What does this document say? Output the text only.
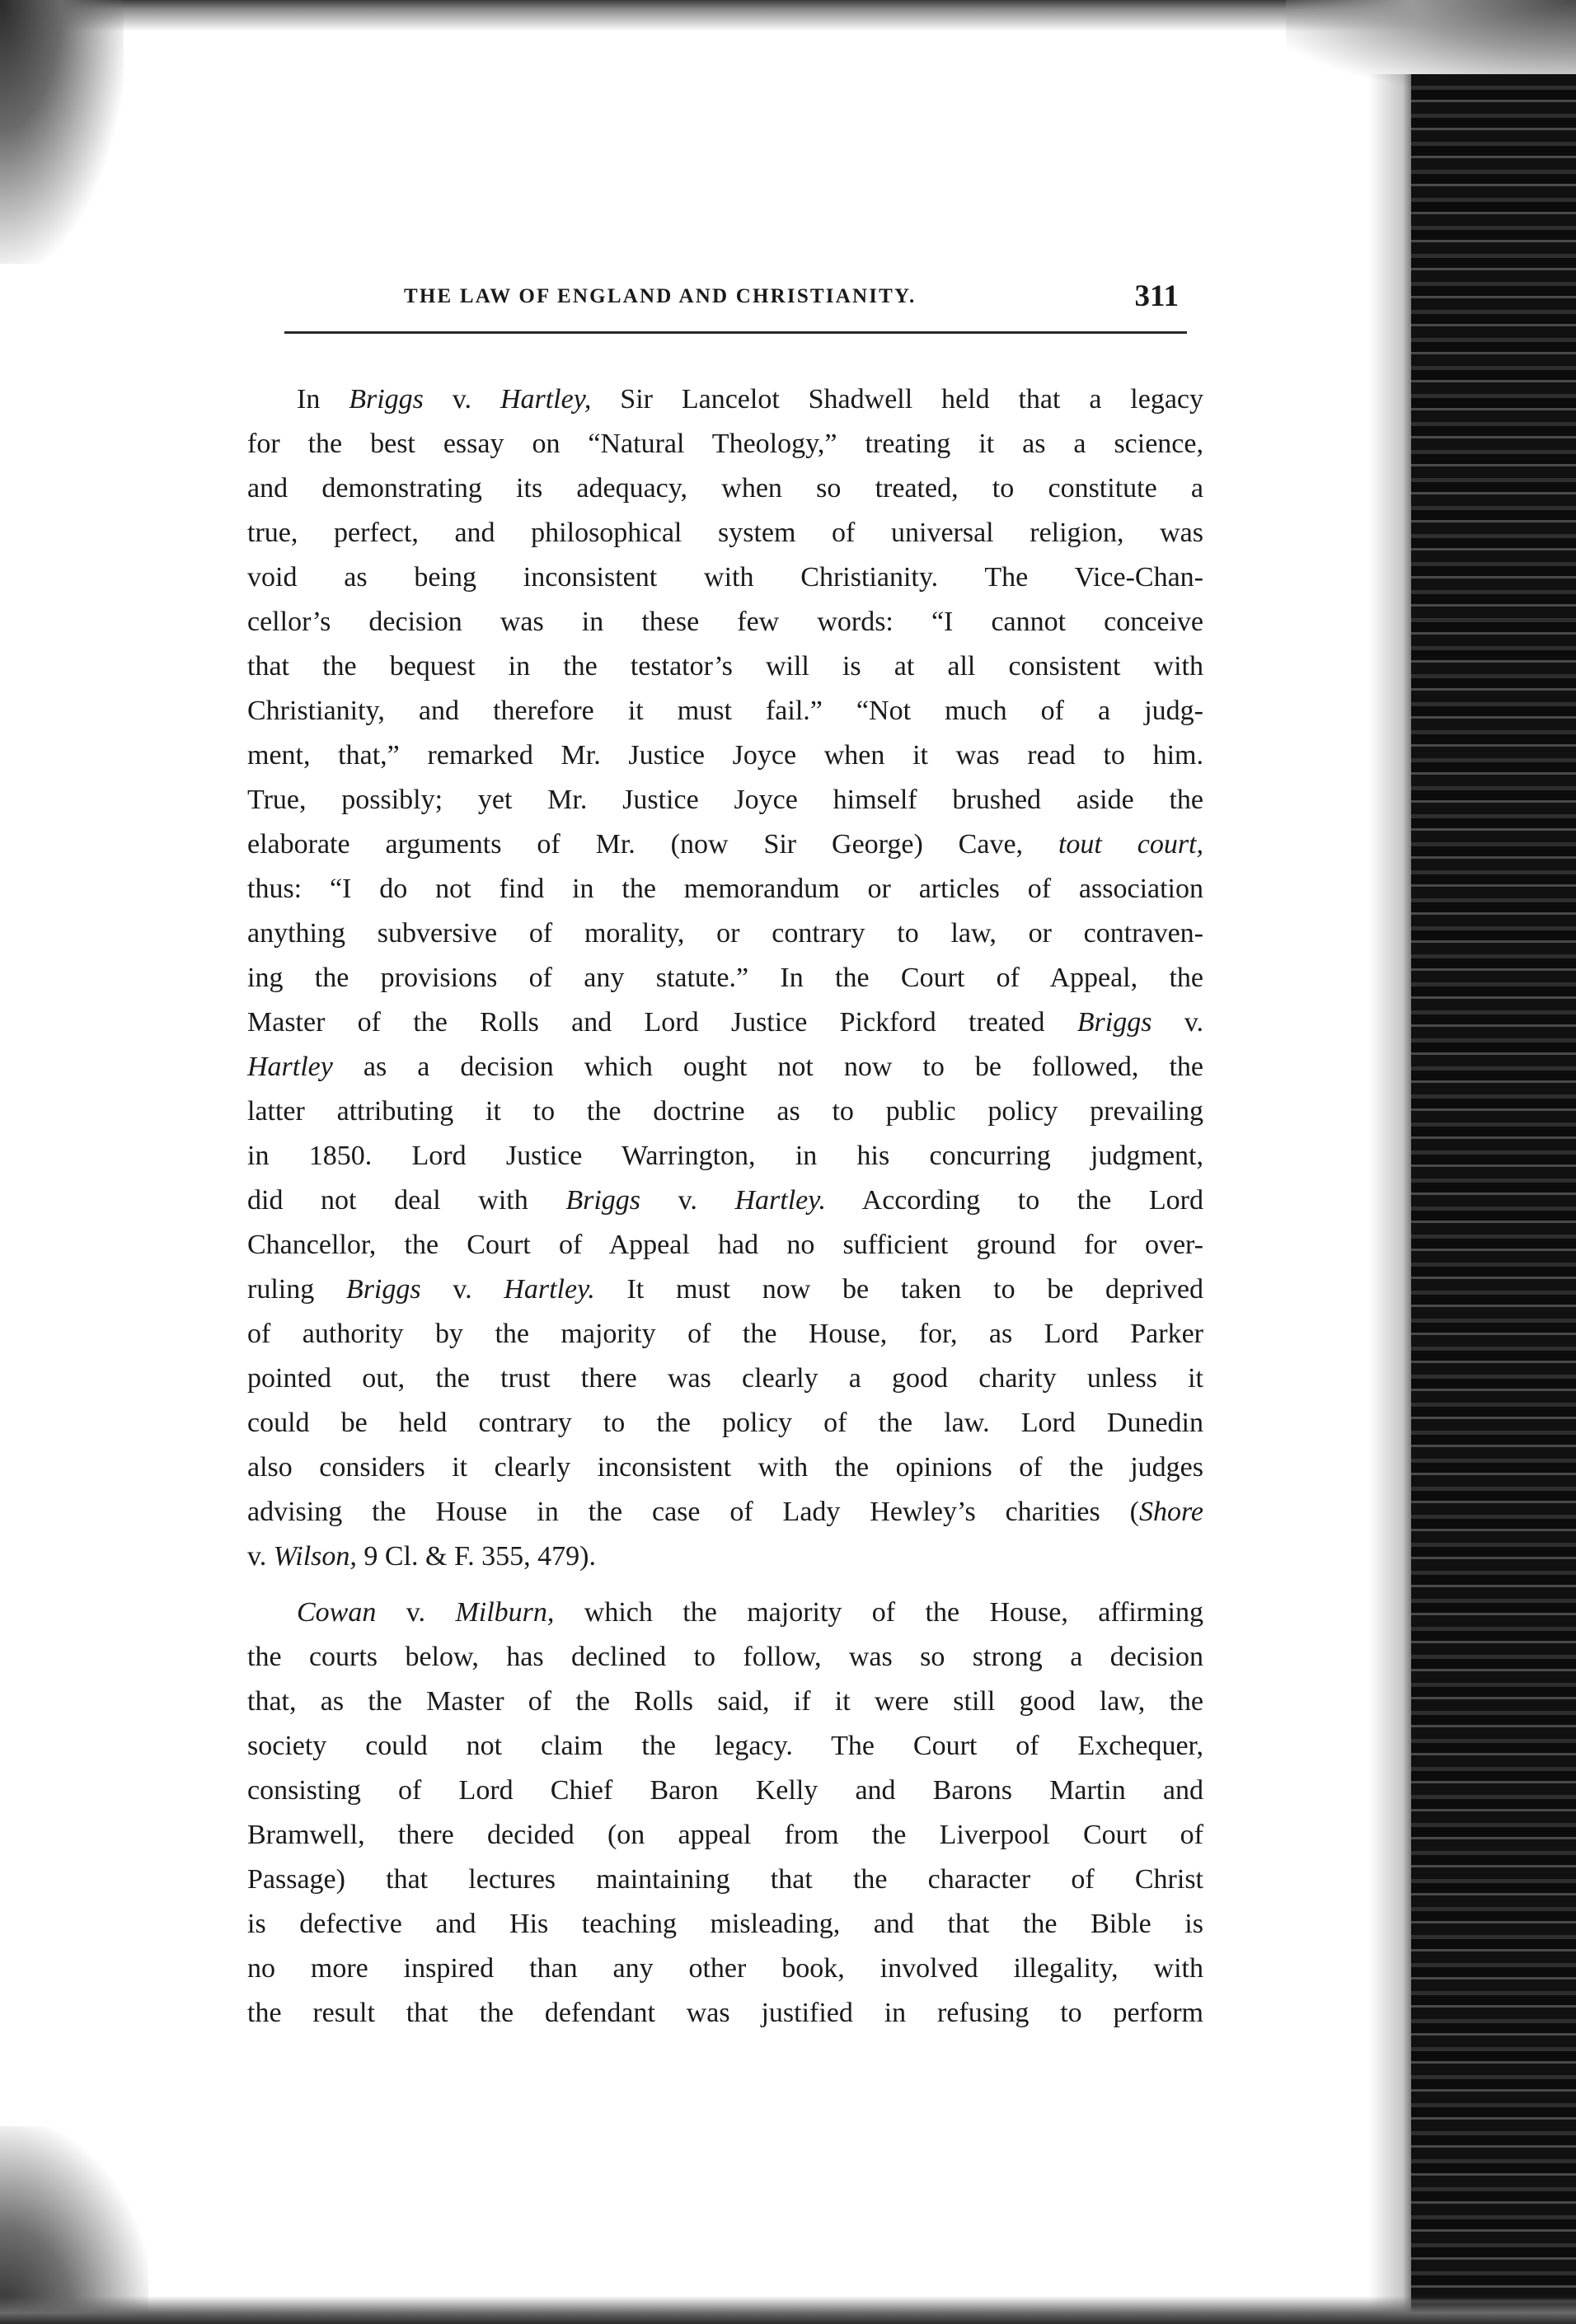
THE LAW OF ENGLAND AND CHRISTIANITY.	311
In Briggs v. Hartley, Sir Lancelot Shadwell held that a legacy
for the best essay on “Natural Theology,” treating it as a science,
and demonstrating its adequacy, when so treated, to constitute a
true, perfect, and philosophical system of universal religion, was
void as being inconsistent with Christianity. The Vice-Chan-
cellor’s decision was in these few words: “I cannot conceive
that the bequest in the testator’s will is at all consistent with
Christianity, and therefore it must fail.” “Not much of a judg-
ment, that,” remarked Mr. Justice Joyce when it was read to him.
True, possibly; yet Mr. Justice Joyce himself brushed aside the
elaborate arguments of Mr. (now Sir George) Cave, tout court,
thus: “I do not find in the memorandum or articles of association
anything subversive of morality, or contrary to law, or contraven-
ing the provisions of any statute.” In the Court of Appeal, the
Master of the Rolls and Lord Justice Pickford treated Briggs v.
Hartley as a decision which ought not now to be followed, the
latter attributing it to the doctrine as to public policy prevailing
in 1850. Lord Justice Warrington, in his concurring judgment,
did not deal with Briggs v. Hartley. According to the Lord
Chancellor, the Court of Appeal had no sufficient ground for over-
ruling Briggs v. Hartley. It must now be taken to be deprived
of authority by the majority of the House, for, as Lord Parker
pointed out, the trust there was clearly a good charity unless it
could be held contrary to the policy of the law. Lord Dunedin
also considers it clearly inconsistent with the opinions of the judges
advising the House in the case of Lady Hewley’s charities (Shore
v. Wilson, 9 Cl. & F. 355, 479).
Cowan v. Milburn, which the majority of the House, affirming
the courts below, has declined to follow, was so strong a decision
that, as the Master of the Rolls said, if it were still good law, the
society could not claim the legacy. The Court of Exchequer,
consisting of Lord Chief Baron Kelly and Barons Martin and
Bramwell, there decided (on appeal from the Liverpool Court of
Passage) that lectures maintaining that the character of Christ
is defective and His teaching misleading, and that the Bible is
no more inspired than any other book, involved illegality, with
the result that the defendant was justified in refusing to perform
